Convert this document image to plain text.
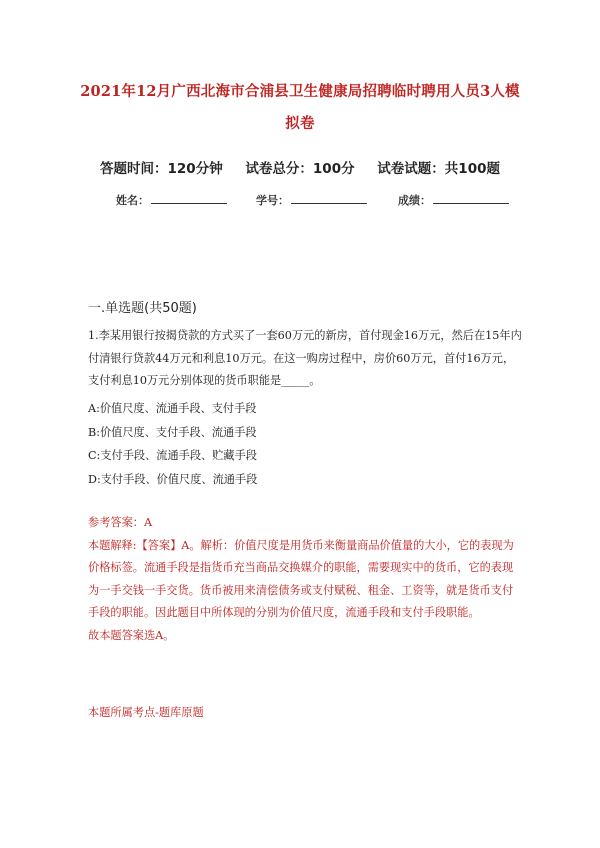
2021年12月广西北海市合浦县卫生健康局招聘临时聘用人员3人模拟卷
答题时间：120分钟 试卷总分：100分 试卷试题：共100题
姓名：	学号：	成绩：
一.单选题(共50题)
1.李某用银行按揭贷款的方式买了一套60万元的新房，首付现金16万元，然后在15年内付清银行贷款44万元和利息10万元。在这一购房过程中，房价60万元，首付16万元，支付利息10万元分别体现的货币职能是_____。
A:价值尺度、流通手段、支付手段
B:价值尺度、支付手段、流通手段
C:支付手段、流通手段、贮藏手段
D:支付手段、价值尺度、流通手段
参考答案：A
本题解释:【答案】A。解析：价值尺度是用货币来衡量商品价值量的大小，它的表现为价格标签。流通手段是指货币充当商品交换媒介的职能，需要现实中的货币，它的表现为一手交钱一手交货。货币被用来清偿债务或支付赋税、租金、工资等，就是货币支付手段的职能。因此题目中所体现的分别为价值尺度，流通手段和支付手段职能。
故本题答案选A。
本题所属考点-题库原题
